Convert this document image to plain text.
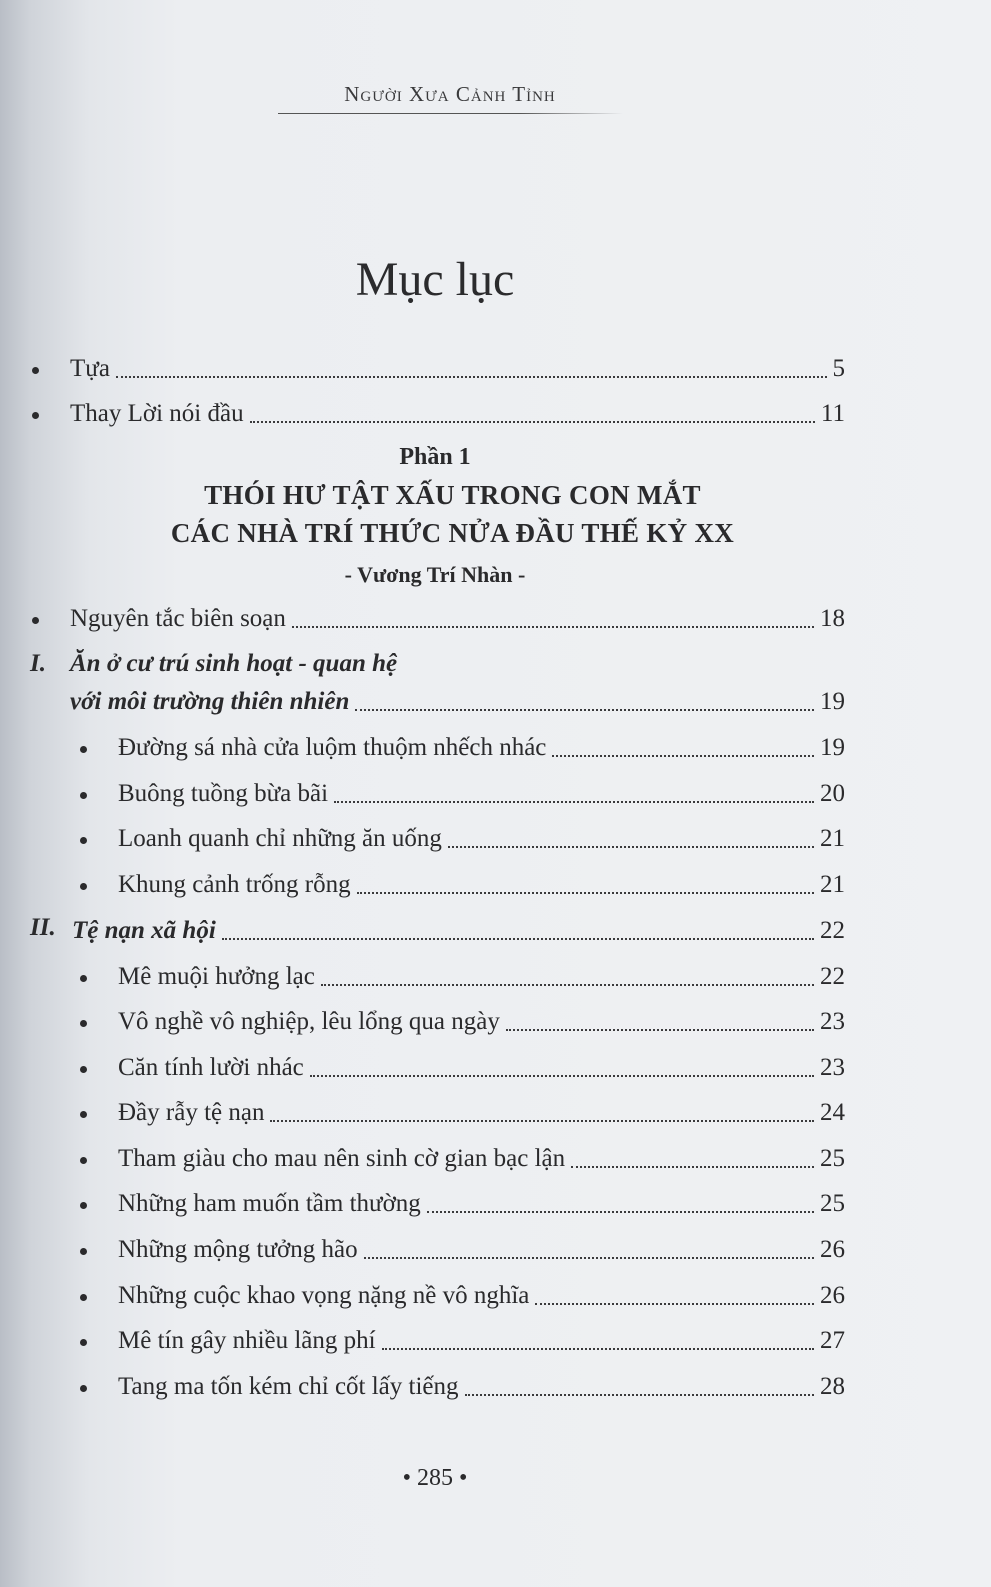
Người Xưa Cảnh Tỉnh
Mục lục
Tựa	5
Thay Lời nói đầu	11
Phần 1
THÓI HƯ TẬT XẤU TRONG CON MẮT
CÁC NHÀ TRÍ THỨC NỬA ĐẦU THẾ KỶ XX
- Vương Trí Nhàn -
Nguyên tắc biên soạn	18
I. Ăn ở cư trú sinh hoạt - quan hệ
với môi trường thiên nhiên	19
Đường sá nhà cửa luộm thuộm nhếch nhác	19
Buông tuồng bừa bãi	20
Loanh quanh chỉ những ăn uống	21
Khung cảnh trống rỗng	21
II. Tệ nạn xã hội	22
Mê muội hưởng lạc	22
Vô nghề vô nghiệp, lêu lổng qua ngày	23
Căn tính lười nhác	23
Đầy rẫy tệ nạn	24
Tham giàu cho mau nên sinh cờ gian bạc lận	25
Những ham muốn tầm thường	25
Những mộng tưởng hão	26
Những cuộc khao vọng nặng nề vô nghĩa	26
Mê tín gây nhiều lãng phí	27
Tang ma tốn kém chỉ cốt lấy tiếng	28
• 285 •
